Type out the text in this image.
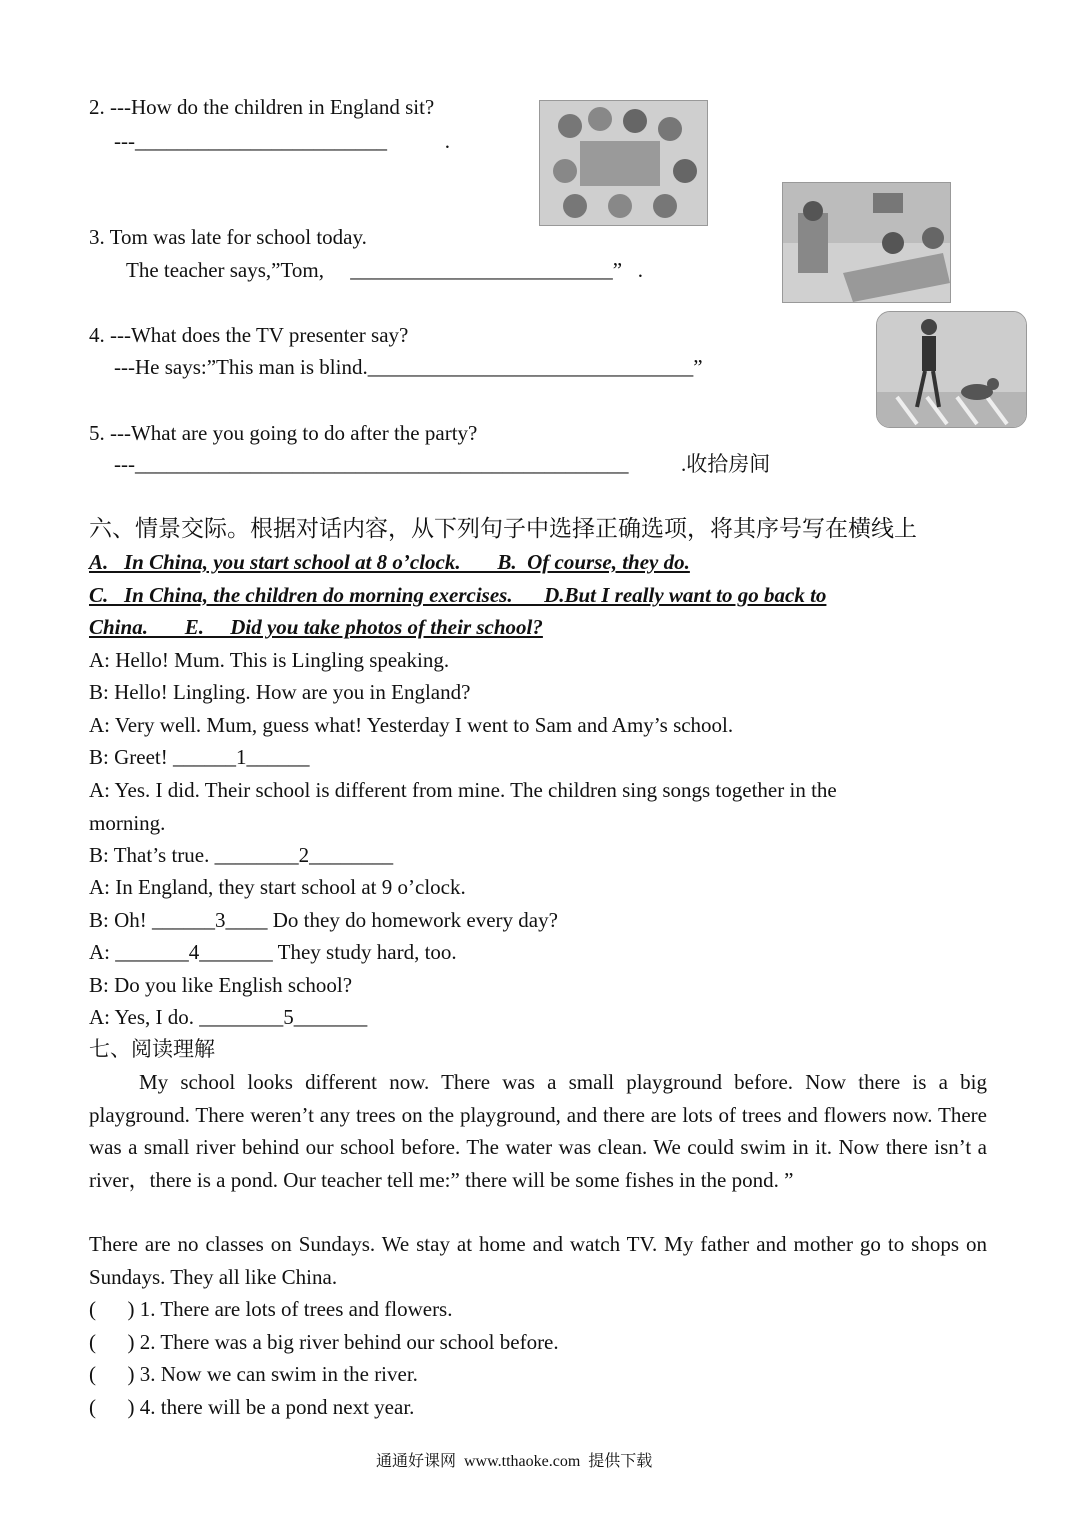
2. ---How do the children in England sit?
---________________________           .
3. Tom was late for school today.
The teacher says,”Tom,     _________________________”   .
4. ---What does the TV presenter say?
---He says:”This man is blind._______________________________”
5. ---What are you going to do after the party?
---_______________________________________________          .收拾房间
六、情景交际。根据对话内容，从下列句子中选择正确选项，将其序号写在横线上
A.   In China, you start school at 8 o’clock.       B.  Of course, they do.
C.   In China, the children do morning exercises.      D.But I really want to go back to
China.       E.     Did you take photos of their school?
A: Hello! Mum. This is Lingling speaking.
B: Hello! Lingling. How are you in England?
A: Very well. Mum, guess what! Yesterday I went to Sam and Amy’s school.
B: Greet! ______1______
A: Yes. I did. Their school is different from mine. The children sing songs together in the
morning.
B: That’s true. ________2________
A: In England, they start school at 9 o’clock.
B: Oh! ______3____ Do they do homework every day?
A: _______4_______ They study hard, too.
B: Do you like English school?
A: Yes, I do. ________5_______
七、阅读理解
My school looks different now. There was a small playground before. Now there is a big playground. There weren’t any trees on the playground, and there are lots of trees and flowers now. There was a small river behind our school before. The water was clean. We could swim in it. Now there isn’t a river，there is a pond. Our teacher tell me:” there will be some fishes in the pond. ”
There are no classes on Sundays. We stay at home and watch TV. My father and mother go to shops on Sundays. They all like China.
(      ) 1. There are lots of trees and flowers.
(      ) 2. There was a big river behind our school before.
(      ) 3. Now we can swim in the river.
(      ) 4. there will be a pond next year.
通通好课网  www.tthaoke.com  提供下载
